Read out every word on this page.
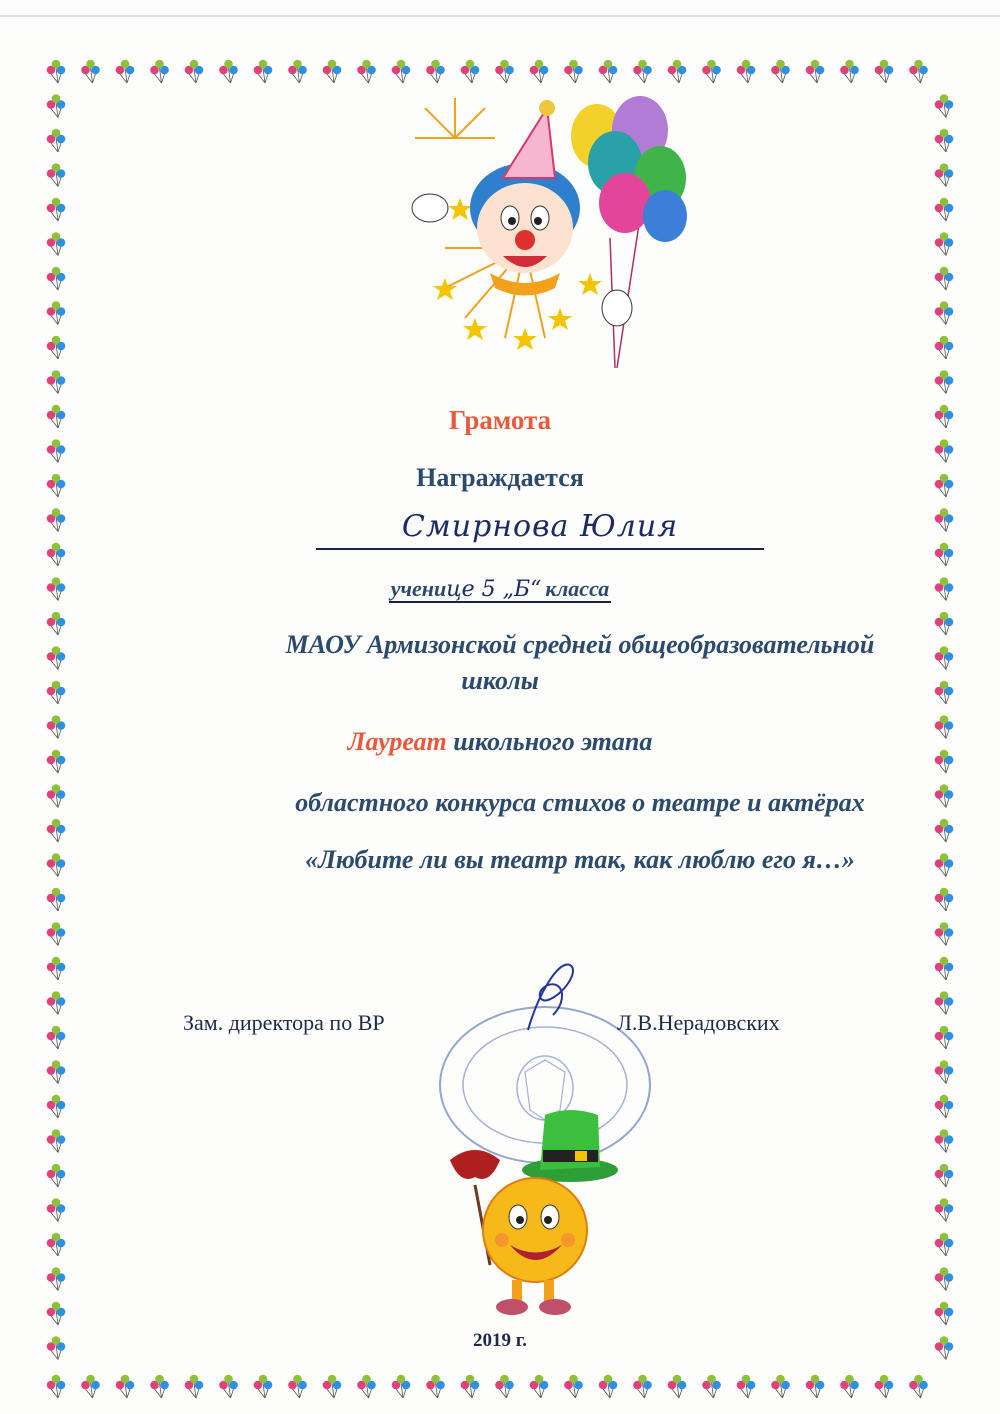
Грамота

Награждается

Смирнова Юлия

ученице 5 „Б“ класса

МАОУ Армизонской средней общеобразовательной

школы

Лауреат школьного этапа

областного конкурса стихов о театре и актёрах

«Любите ли вы театр так, как люблю его я…»

Зам. директора по ВР	Л.В.Нерадовских

2019 г.
